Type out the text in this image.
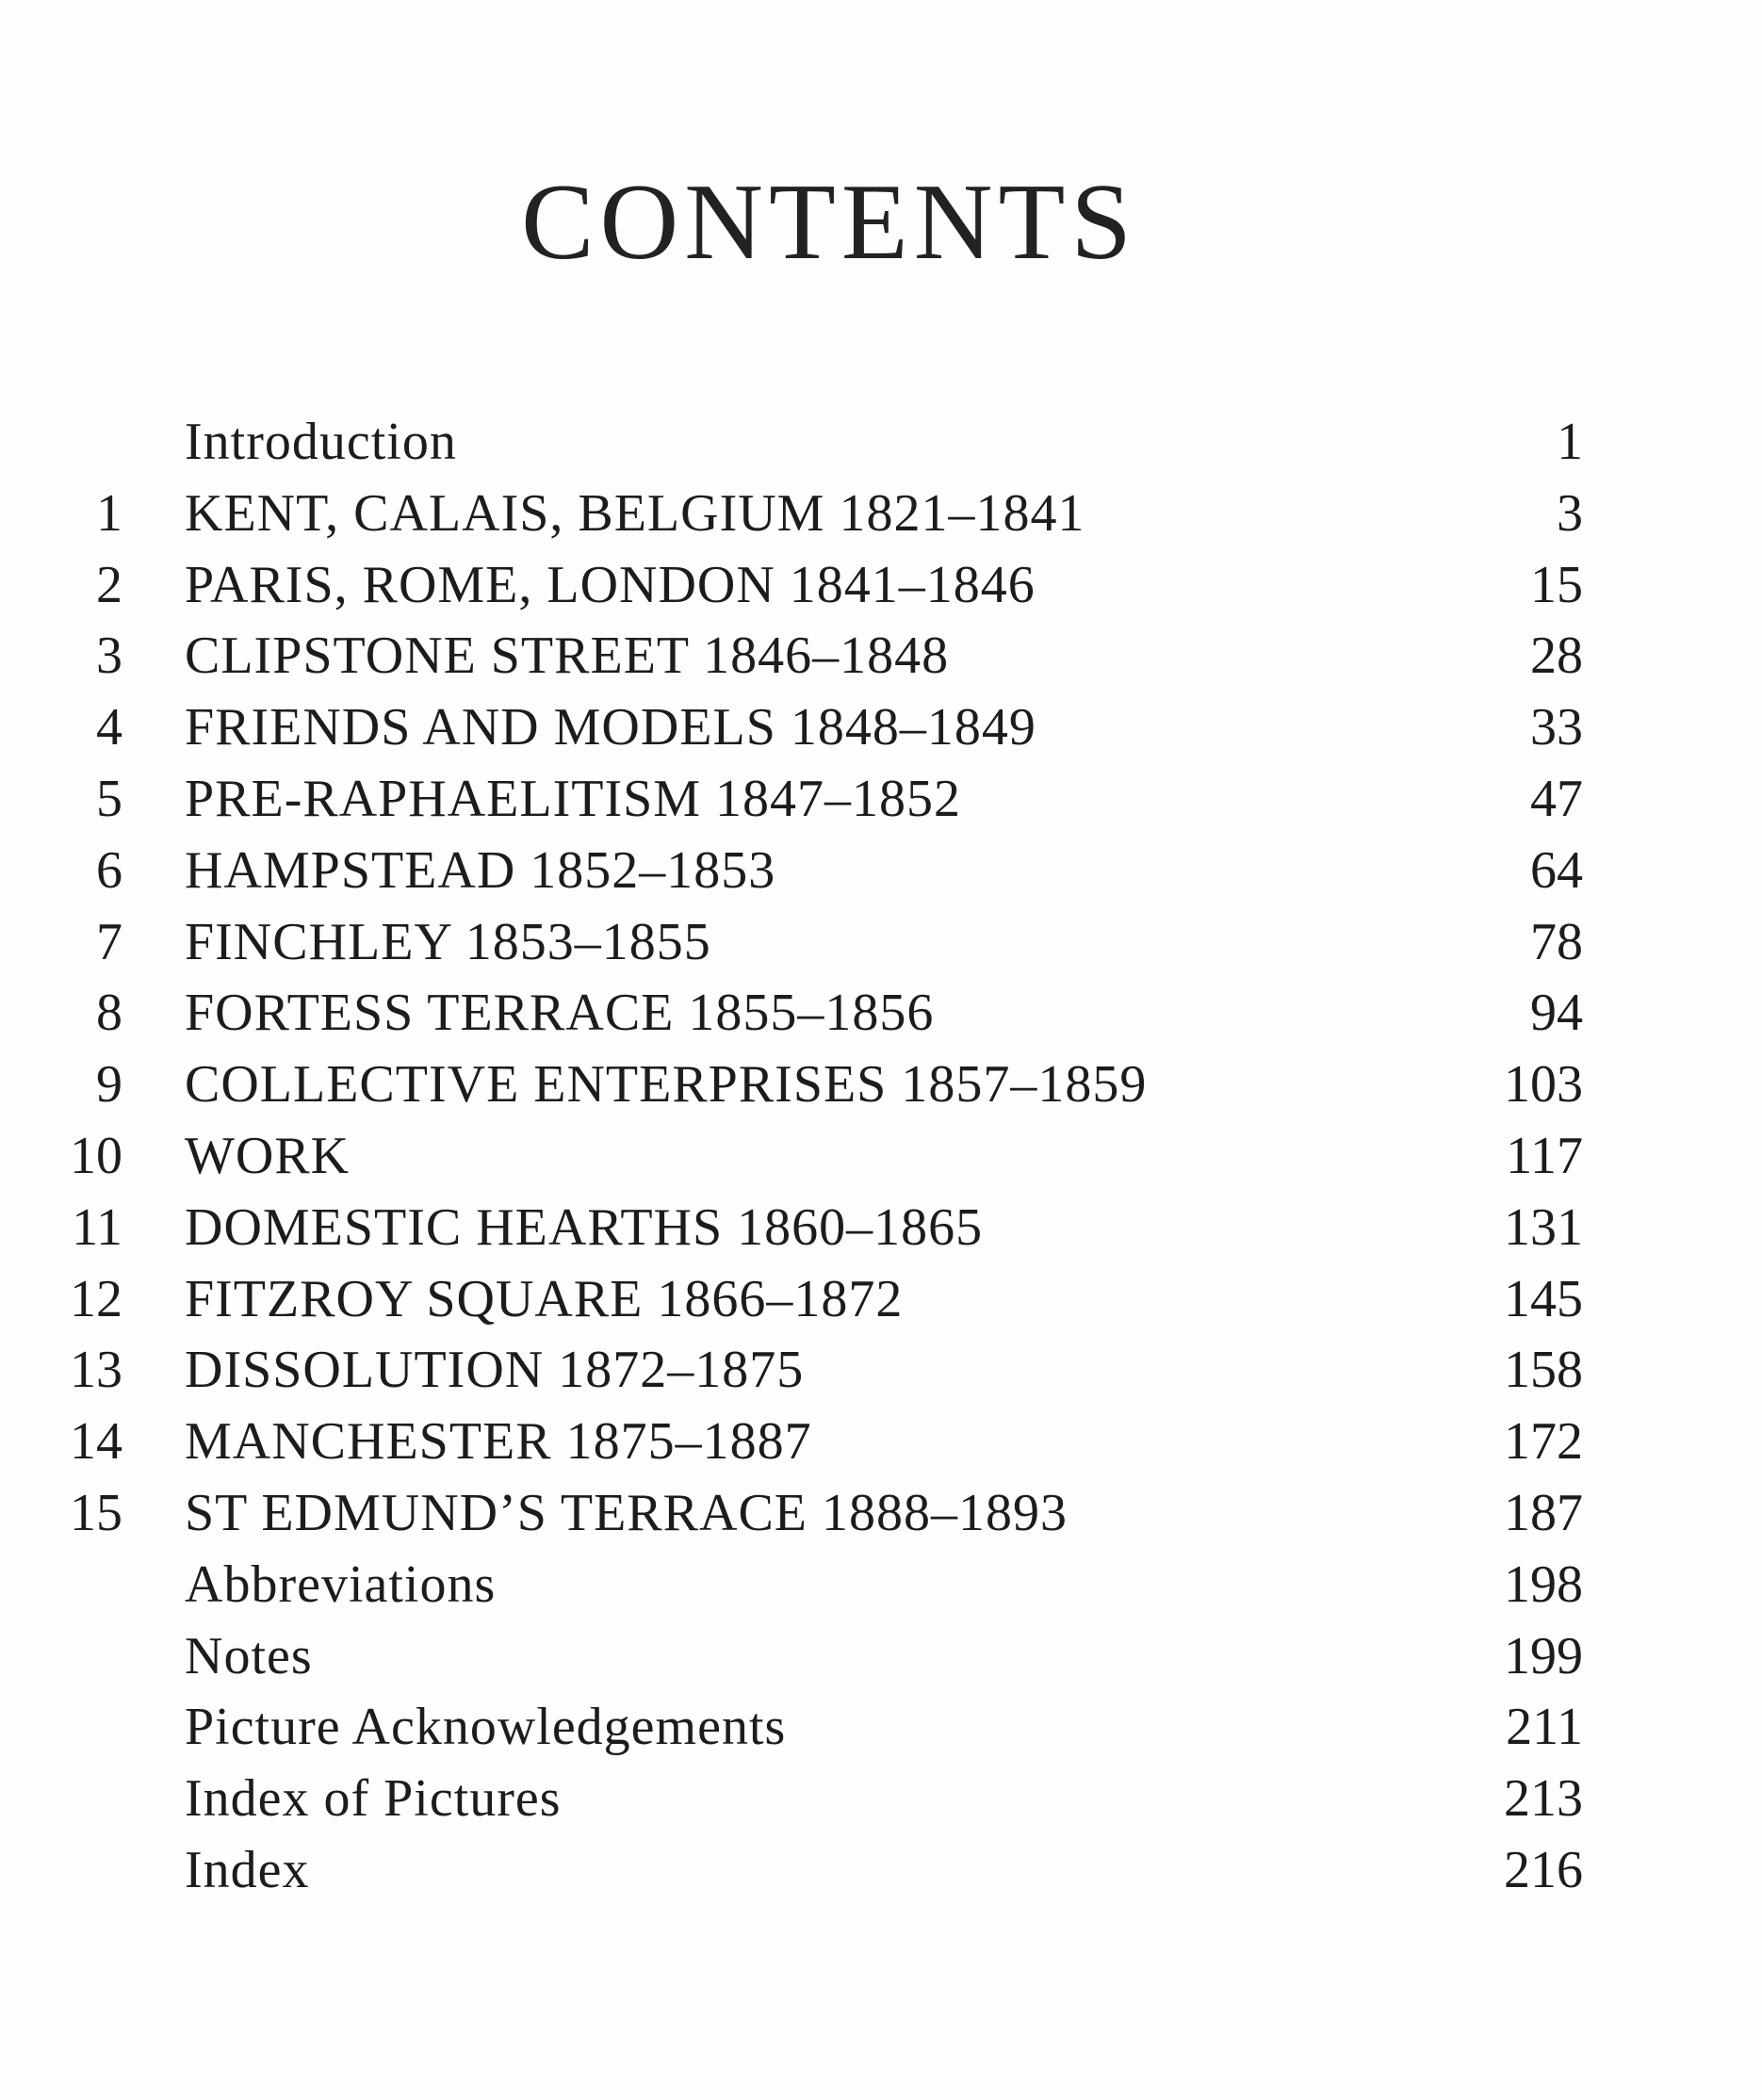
CONTENTS
Introduction	1
1 KENT, CALAIS, BELGIUM 1821–1841	3
2 PARIS, ROME, LONDON 1841–1846	15
3 CLIPSTONE STREET 1846–1848	28
4 FRIENDS AND MODELS 1848–1849	33
5 PRE-RAPHAELITISM 1847–1852	47
6 HAMPSTEAD 1852–1853	64
7 FINCHLEY 1853–1855	78
8 FORTESS TERRACE 1855–1856	94
9 COLLECTIVE ENTERPRISES 1857–1859	103
10 WORK	117
11 DOMESTIC HEARTHS 1860–1865	131
12 FITZROY SQUARE 1866–1872	145
13 DISSOLUTION 1872–1875	158
14 MANCHESTER 1875–1887	172
15 ST EDMUND’S TERRACE 1888–1893	187
Abbreviations	198
Notes	199
Picture Acknowledgements	211
Index of Pictures	213
Index	216
